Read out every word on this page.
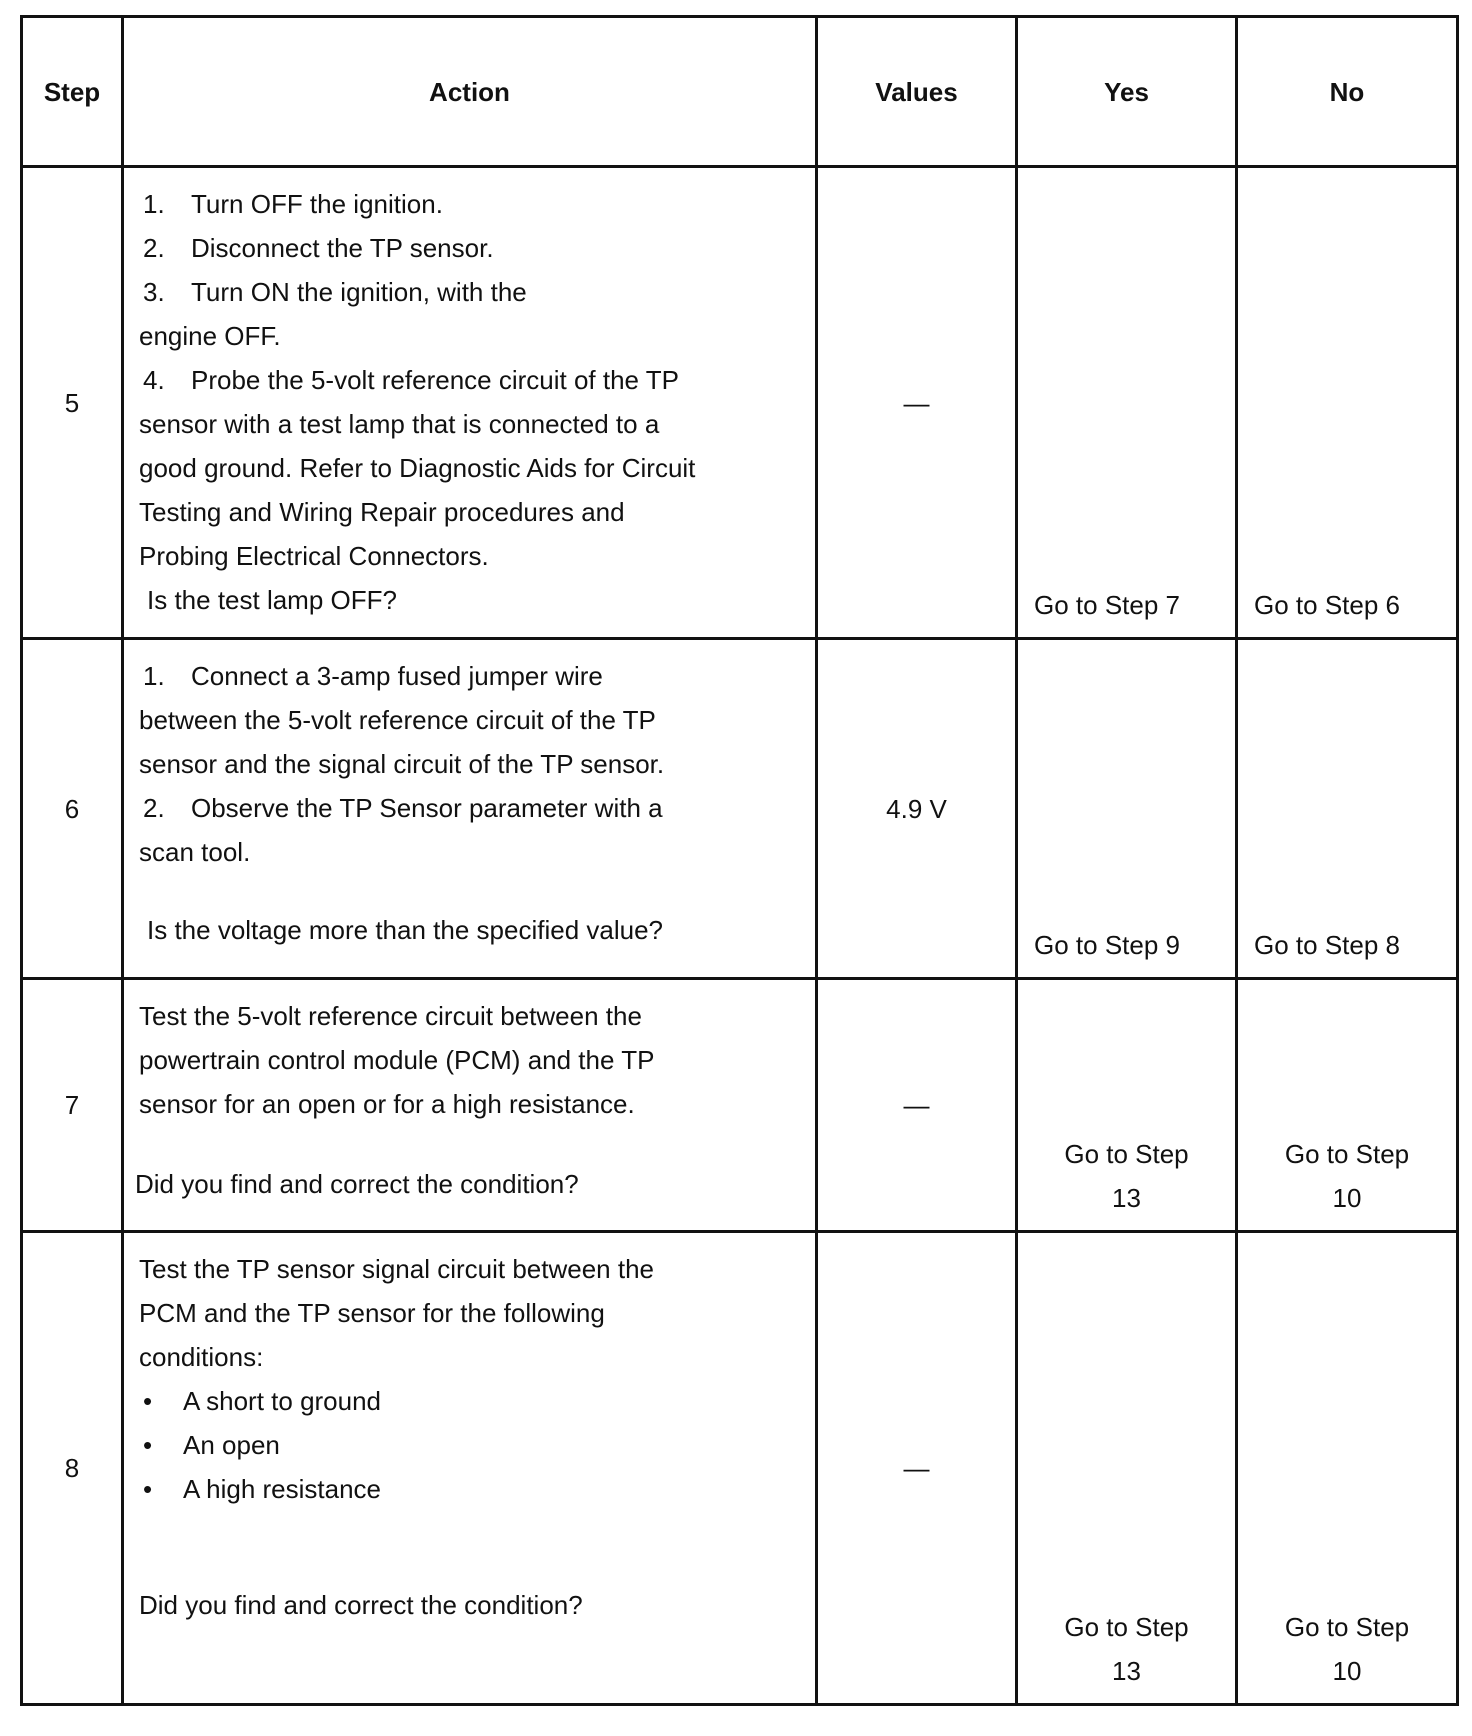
Step	Action	Values	Yes	No

5	1. Turn OFF the ignition.
2. Disconnect the TP sensor.
3. Turn ON the ignition, with the engine OFF.
4. Probe the 5-volt reference circuit of the TP sensor with a test lamp that is connected to a good ground. Refer to Diagnostic Aids for Circuit Testing and Wiring Repair procedures and Probing Electrical Connectors.
Is the test lamp OFF?	—	Go to Step 7	Go to Step 6

6	1. Connect a 3-amp fused jumper wire between the 5-volt reference circuit of the TP sensor and the signal circuit of the TP sensor.
2. Observe the TP Sensor parameter with a scan tool.
Is the voltage more than the specified value?	4.9 V	Go to Step 9	Go to Step 8

7	Test the 5-volt reference circuit between the powertrain control module (PCM) and the TP sensor for an open or for a high resistance.
Did you find and correct the condition?	—	Go to Step 13	Go to Step 10

8	Test the TP sensor signal circuit between the PCM and the TP sensor for the following conditions:
• A short to ground
• An open
• A high resistance
Did you find and correct the condition?	—	Go to Step 13	Go to Step 10
